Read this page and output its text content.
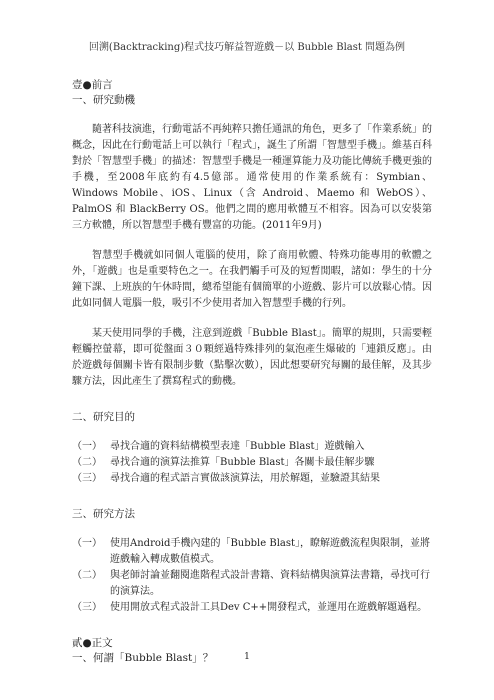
回溯(Backtracking)程式技巧解益智遊戲－以 Bubble Blast 問題為例

壹●前言

一、研究動機

隨著科技演進，行動電話不再純粹只擔任通訊的角色，更多了「作業系統」的概念，因此在行動電話上可以執行「程式」，誕生了所謂「智慧型手機」。維基百科對於「智慧型手機」的描述：智慧型手機是一種運算能力及功能比傳統手機更強的手機，至2008年底約有4.5億部。通常使用的作業系統有：Symbian、Windows Mobile、iOS、Linux（含 Android、Maemo 和 WebOS）、PalmOS 和 BlackBerry OS。他們之間的應用軟體互不相容。因為可以安裝第三方軟體，所以智慧型手機有豐富的功能。(2011年9月)

智慧型手機就如同個人電腦的使用，除了商用軟體、特殊功能專用的軟體之外，「遊戲」也是重要特色之一。在我們觸手可及的短暫閒暇，諸如：學生的十分鐘下課、上班族的午休時間，總希望能有個簡單的小遊戲、影片可以放鬆心情。因此如同個人電腦一般，吸引不少使用者加入智慧型手機的行列。

某天使用同學的手機，注意到遊戲「Bubble Blast」。簡單的規則，只需要輕輕觸控螢幕，即可從盤面３０顆經過特殊排列的氣泡產生爆破的「連鎖反應」。由於遊戲每個關卡皆有限制步數（點擊次數），因此想要研究每關的最佳解，及其步驟方法，因此產生了撰寫程式的動機。

二、研究目的

（一） 尋找合適的資料結構模型表達「Bubble Blast」遊戲輸入
（二） 尋找合適的演算法推算「Bubble Blast」各關卡最佳解步驟
（三） 尋找合適的程式語言實做該演算法，用於解題，並驗證其結果

三、研究方法

（一） 使用Android手機內建的「Bubble Blast」，瞭解遊戲流程與限制，並將遊戲輸入轉成數值模式。
（二） 與老師討論並翻閱進階程式設計書籍、資料結構與演算法書籍，尋找可行的演算法。
（三） 使用開放式程式設計工具Dev C++開發程式，並運用在遊戲解題過程。

貳●正文

一、何謂「Bubble Blast」？	1
